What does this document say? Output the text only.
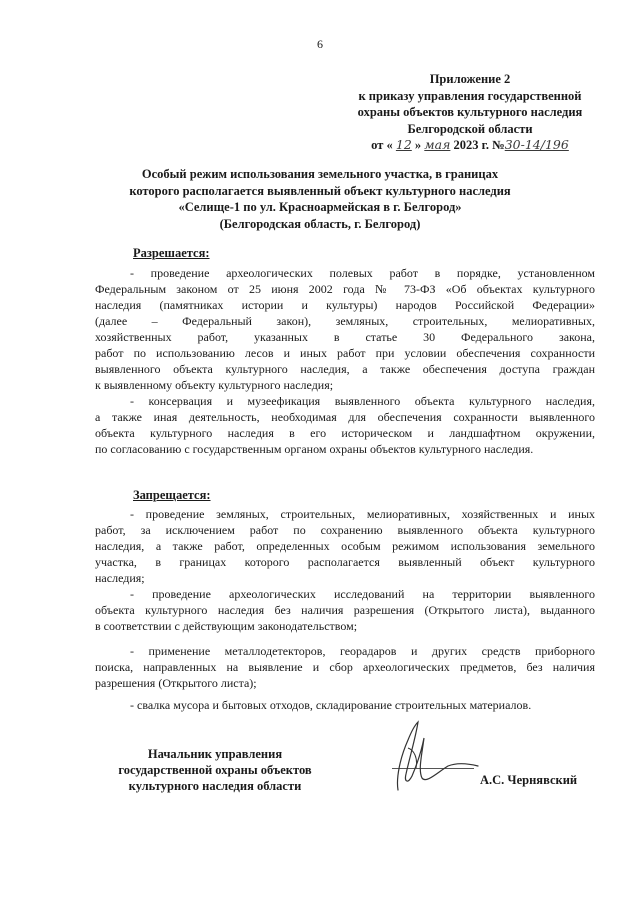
6
Приложение 2
к приказу управления государственной
охраны объектов культурного наследия
Белгородской области
от « 12 » мая 2023 г. №30-14/196
Особый режим использования земельного участка, в границах
которого располагается выявленный объект культурного наследия
«Селище-1 по ул. Красноармейская в г. Белгород»
(Белгородская область, г. Белгород)
Разрешается:
- проведение археологических полевых работ в порядке, установленном
Федеральным законом от 25 июня 2002 года № 73-ФЗ «Об объектах культурного
наследия (памятниках истории и культуры) народов Российской Федерации»
(далее – Федеральный закон), земляных, строительных, мелиоративных,
хозяйственных работ, указанных в статье 30 Федерального закона,
работ по использованию лесов и иных работ при условии обеспечения сохранности
выявленного объекта культурного наследия, а также обеспечения доступа граждан
к выявленному объекту культурного наследия;
- консервация и музеефикация выявленного объекта культурного наследия,
а также иная деятельность, необходимая для обеспечения сохранности выявленного
объекта культурного наследия в его историческом и ландшафтном окружении,
по согласованию с государственным органом охраны объектов культурного наследия.
Запрещается:
- проведение земляных, строительных, мелиоративных, хозяйственных и иных
работ, за исключением работ по сохранению выявленного объекта культурного
наследия, а также работ, определенных особым режимом использования земельного
участка, в границах которого располагается выявленный объект культурного
наследия;
- проведение археологических исследований на территории выявленного
объекта культурного наследия без наличия разрешения (Открытого листа), выданного
в соответствии с действующим законодательством;
- применение металлодетекторов, георадаров и других средств приборного
поиска, направленных на выявление и сбор археологических предметов, без наличия
разрешения (Открытого листа);
- свалка мусора и бытовых отходов, складирование строительных материалов.
Начальник управления
государственной охраны объектов
культурного наследия области	А.С. Чернявский
